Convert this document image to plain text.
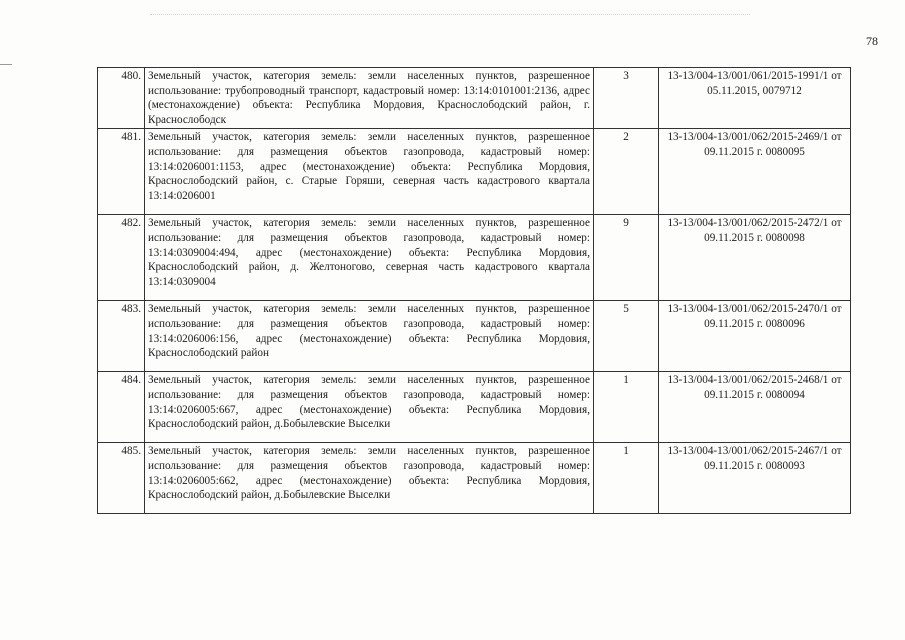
78
480.	Земельный участок, категория земель: земли населенных пунктов, разрешенное использование: трубопроводный транспорт, кадастровый номер: 13:14:0101001:2136, адрес (местонахождение) объекта: Республика Мордовия, Краснослободский район, г. Краснослободск	3	13-13/004-13/001/061/2015-1991/1 от 05.11.2015, 0079712
481.	Земельный участок, категория земель: земли населенных пунктов, разрешенное использование: для размещения объектов газопровода, кадастровый номер: 13:14:0206001:1153, адрес (местонахождение) объекта: Республика Мордовия, Краснослободский район, с. Старые Горяши, северная часть кадастрового квартала 13:14:0206001	2	13-13/004-13/001/062/2015-2469/1 от 09.11.2015 г. 0080095
482.	Земельный участок, категория земель: земли населенных пунктов, разрешенное использование: для размещения объектов газопровода, кадастровый номер: 13:14:0309004:494, адрес (местонахождение) объекта: Республика Мордовия, Краснослободский район, д. Желтоногово, северная часть кадастрового квартала 13:14:0309004	9	13-13/004-13/001/062/2015-2472/1 от 09.11.2015 г. 0080098
483.	Земельный участок, категория земель: земли населенных пунктов, разрешенное использование: для размещения объектов газопровода, кадастровый номер: 13:14:0206006:156, адрес (местонахождение) объекта: Республика Мордовия, Краснослободский район	5	13-13/004-13/001/062/2015-2470/1 от 09.11.2015 г. 0080096
484.	Земельный участок, категория земель: земли населенных пунктов, разрешенное использование: для размещения объектов газопровода, кадастровый номер: 13:14:0206005:667, адрес (местонахождение) объекта: Республика Мордовия, Краснослободский район, д.Бобылевские Выселки	1	13-13/004-13/001/062/2015-2468/1 от 09.11.2015 г. 0080094
485.	Земельный участок, категория земель: земли населенных пунктов, разрешенное использование: для размещения объектов газопровода, кадастровый номер: 13:14:0206005:662, адрес (местонахождение) объекта: Республика Мордовия, Краснослободский район, д.Бобылевские Выселки	1	13-13/004-13/001/062/2015-2467/1 от 09.11.2015 г. 0080093
